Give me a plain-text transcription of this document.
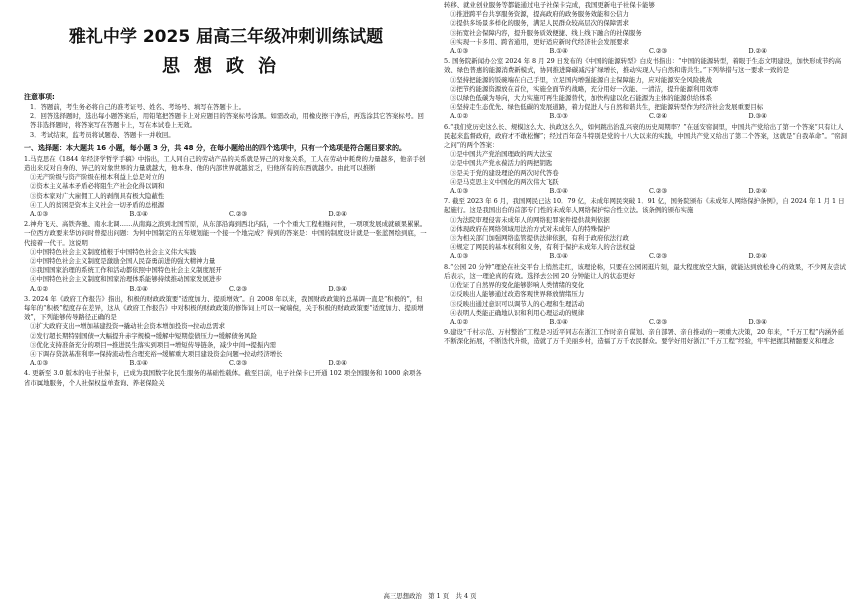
雅礼中学 2025 届高三年级冲刺训练试题
思想政治
注意事项:
1．答题前，考生务必将自己的准考证号、姓名、考场号、填写在答题卡上。
2．回答选择题时，选出每小题答案后，用铅笔把答题卡上对应题目的答案标号涂黑。如需改动，用橡皮擦干净后，再选涂其它答案标号。回答非选择题时，将答案写在答题卡上，写在本试卷上无效。
3．考试结束，监考员将试题卷、答题卡一并收回。
一、选择题：本大题共 16 小题，每小题 3 分，共 48 分，在每小题给出的四个选项中，只有一个选项是符合题目要求的。
1.马克思在《1844 年经济学哲学手稿》中指出，工人同自己的劳动产品的关系就是异己的对象关系，工人在劳动中耗费的力量越多，他亲手创造出来反对自身的、异己的对象世界的力量就越大，他本身、他的内部世界就越贫乏，归他所有的东西就越少。由此可以推断
①无产阶级与资产阶级在根本利益上总是对立的
②资本主义基本矛盾必将阻生产社会化得以调和
③资本家对广大雇佣工人的剥削具有极大隐蔽性
④工人的贫困是资本主义社会一切矛盾的总根源
A.①③	B.①④	C.②③	D.②④
2.神舟飞天、高铁奔驰、南水北调……从南海之滨到北国雪原，从东部沿海到西北内陆，一个个重大工程相继问世，一项项发展成就硕果累累。一位西方政要来华访问时曾提出问题：为何中国制定的五年规划能一个接一个地完成？得到的答案是：中国的制度设计就是一张蓝图绘到底，一代接着一代干。这说明
①中国特色社会主义制度植根于中国特色社会主义伟大实践
②中国特色社会主义制度是激励全国人民奋勇前进的强大精神力量
③我国国家治理的系统工作和活动都依照中国特色社会主义制度展开
④中国特色社会主义制度和国家治理体系能够持续推动国家发展进步
A.①②	B.①④	C.②③	D.③④
3. 2024 年《政府工作报告》指出，积极的财政政策要“适度加力、提质增效”。自 2008 年以来，我国财政政策的总基调一直是“积极的”，但每年的“积极”程度存在差异，这从《政府工作报告》中对积极的财政政策的修饰词上可以一窥端倪，关于积极的财政政策要“适度加力、提质增效”，下列能够传导路径正确的是
①扩大政府支出→增加基建投资→撬动社会资本增加投资→拉动总需求
②发行超长期特别国债→大幅提升赤字规模→缓解中短期偿债压力→缓解债务风险
③优化支持准备充分的项目→推进民生落实到项目→增短传导链条，减少中间→提振内需
④下调存贷款基准利率→保持流动性合理充裕→缓解重大项目建设资金问题→拉动经济增长
A.①③	B.①④	C.②③	D.②④
4. 更新至 3.0 版本的电子社保卡，已成为我国数字化民生服务的基础性载体。截至目前，电子社保卡已开通 102 项全国服务和 1000 余项各省市属地服务，个人社保权益单查询、养老保险关
转移、就业创业服务等都能通过电子社保卡完成，我国更新电子社保卡能够
①推进跨平台共享服务资源，提高政府的政务服务效能和公信力
②提供多场景多样化的服务，满足人民群众较高层次的保障需求
③拓宽社会保障内容，提升服务质效便捷、线上线下融合的社保服务
④实现一卡多用、跨省通用，更好适应新时代经济社会发展要求
A.①③	B.①④	C.②③	D.②④
5. 国务院新闻办公室 2024 年 8 月 29 日发布的《中国的能源转型》白皮书指出：“中国的能源转型，着眼于生态文明建设，加快形成节约高效、绿色普惠的能源消费新模式，协同推进降碳减污扩绿增长，推动实现人与自然和谐共生。”下列举措与这一要求一致的是
①坚持把能源的饭碗端在自己手里，立足国内增强能源自主保障能力，应对能源安全风险挑战
②把节约能源资源放在首位，实施全面节约战略，充分用好一次能、一清洁，提升能源利用效率
③以绿色低碳为导向，大力实施可再生能源替代，加快构建以化石能源为主体的能源供给体系
④坚持走生态优先、绿色低碳的发展道路，着力促进人与自然和谐共生，把能源转型作为经济社会发展重要目标
A.①②	B.①③	C.②④	D.③④
6.“我们党历史这么长、规模这么大、执政这么久，如何跳出治乱兴衰的历史周期率？”在延安窑洞里，中国共产党给出了第一个答案“只有让人民起来监督政府，政府才不敢松懈”；经过百年奋斗特别是党的十八大以来的实践，中国共产党又给出了第二个答案，这就是“自我革命”。“窑洞之问”的两个答案：
①是中国共产党治国理政的两大法宝
②是中国共产党永葆活力的两把钥匙
③是关于党的建设理论的两次时代答卷
④是马克思主义中国化的两次伟大飞跃
A.①③	B.①④	C.②③	D.②④
7. 截至 2023 年 6 月，我国网民已达 10．79 亿，未成年网民突破 1．91 亿，国务院颁布《未成年人网络保护条例》，自 2024 年 1 月 1 日起施行。这是我国出台的首部专门性的未成年人网络保护综合性立法。该条例的颁布实施
①为法院审理侵害未成年人的网络犯罪案件提供裁判依据
②体现政府在网络领域用法治方式对未成年人的特殊保护
③为相关部门加强网络监管提供法律依据，有利于政府依法行政
④规定了网民的基本权利和义务，有利于保护未成年人的合法权益
A.①③	B.①④	C.②③	D.②④
8.“公园 20 分钟”理论在社交平台上悄然走红，该理论称，只要在公园闲逛片刻，最大程度放空大脑，就能达到放松身心的效果，不少网友尝试后表示，这一理论真的有效。选择去公园 20 分钟能让人的状态更好
①佐证了自然界的变化能够影响人类情绪的变化
②反映出人能够通过改造客观世界释放情绪压力
③反映出通过意识可以调节人的心理和生理活动
④表明人类能正确地认识和利用心理运动的规律
A.①②	B.①④	C.②③	D.③④
9.建设“千村示范、万村整治”工程是习近平同志在浙江工作时亲自谋划、亲自部署、亲自推动的一项重大决策，20 年来，“千万工程”内涵外延不断深化拓展，不断迭代升级，造就了万千美丽乡村，造福了万千农民群众。要学好用好浙江“千万工程”经验，牢牢把握其精髓要义和理念
高三思想政治　第 1 页　共 4 页
